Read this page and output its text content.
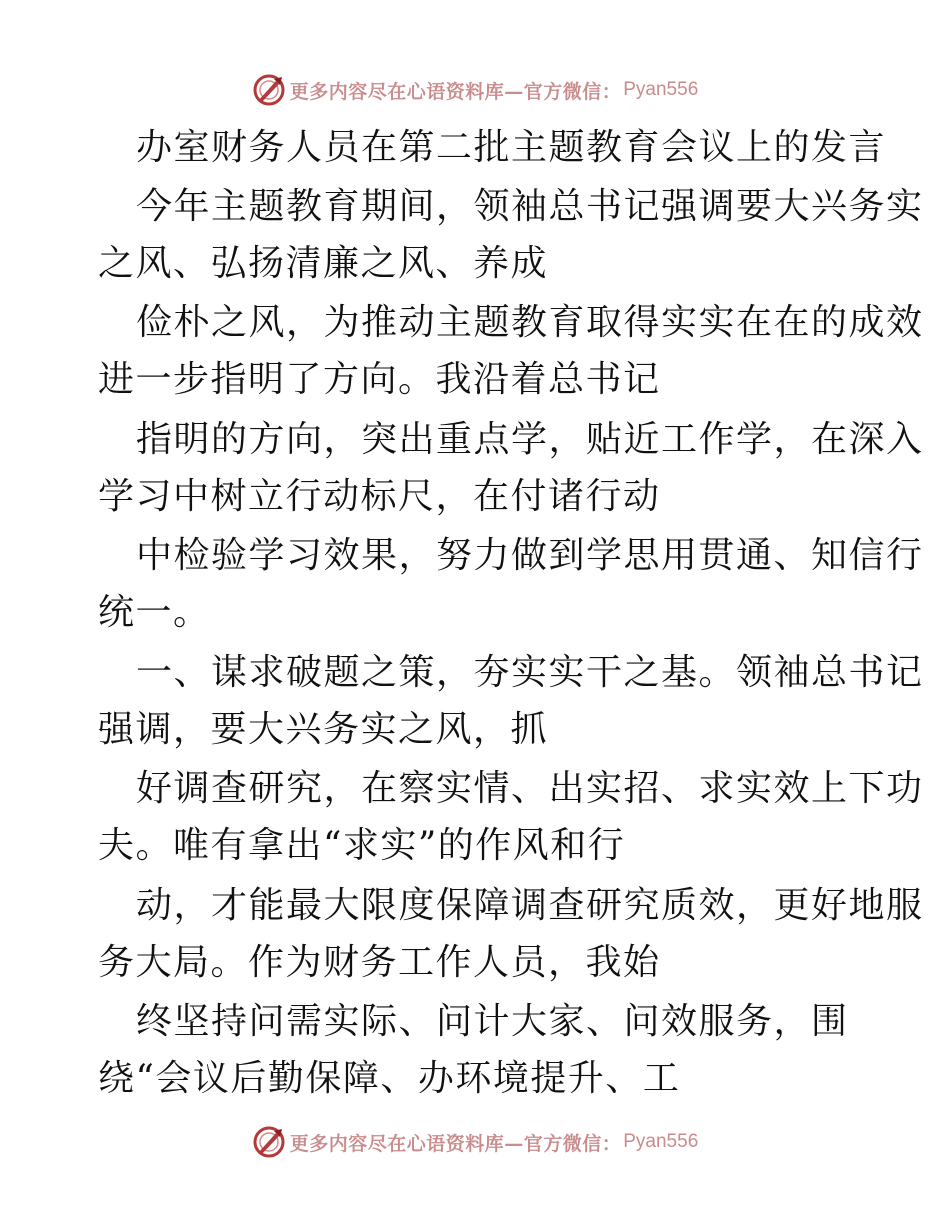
更多内容尽在心语资料库—官方微信： Pyan556
办室财务人员在第二批主题教育会议上的发言
今年主题教育期间，领袖总书记强调要大兴务实
之风、弘扬清廉之风、养成
俭朴之风，为推动主题教育取得实实在在的成效
进一步指明了方向。我沿着总书记
指明的方向，突出重点学，贴近工作学，在深入
学习中树立行动标尺，在付诸行动
中检验学习效果，努力做到学思用贯通、知信行
统一。
一、谋求破题之策，夯实实干之基。领袖总书记
强调，要大兴务实之风，抓
好调查研究，在察实情、出实招、求实效上下功
夫。唯有拿出“求实”的作风和行
动，才能最大限度保障调查研究质效，更好地服
务大局。作为财务工作人员，我始
终坚持问需实际、问计大家、问效服务，围
绕“会议后勤保障、办环境提升、工
更多内容尽在心语资料库—官方微信： Pyan556
